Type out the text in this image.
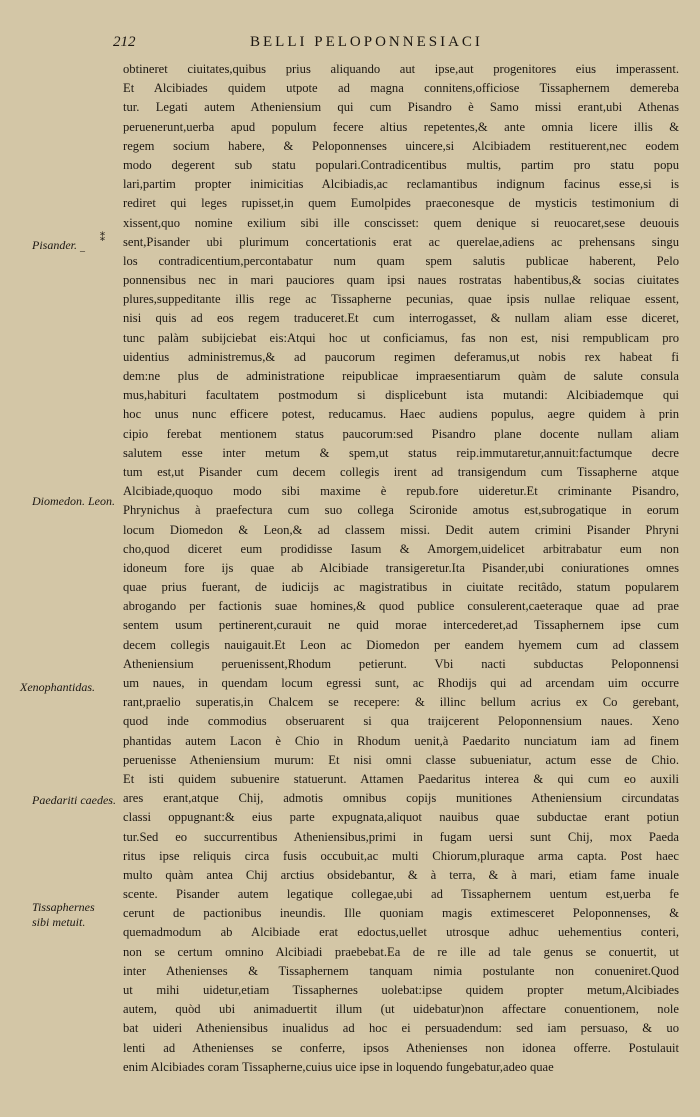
212	BELLI PELOPONNESIACI
⁑
–
Pisander.
Diomedon. Leon.
Xenophantidas.
Paedariti caedes.
Tissaphernes sibi metuit.
obtineret ciuitates,quibus prius aliquando aut ipse,aut progenitores eius imperassent.
Et Alcibiades quidem utpote ad magna connitens,officiose Tissaphernem demereba
tur. Legati autem Atheniensium qui cum Pisandro è Samo missi erant,ubi Athenas
peruenerunt,uerba apud populum fecere altius repetentes,& ante omnia licere illis &
regem socium habere, & Peloponnenses uincere,si Alcibiadem restituerent,nec eodem
modo degerent sub statu populari.Contradicentibus multis, partim pro statu popu
lari,partim propter inimicitias Alcibiadis,ac reclamantibus indignum facinus esse,si is
rediret qui leges rupisset,in quem Eumolpides praeconesque de mysticis testimonium di
xissent,quo nomine exilium sibi ille conscisset: quem denique si reuocaret,sese deuouis
sent,Pisander ubi plurimum concertationis erat ac querelae,adiens ac prehensans singu
los contradicentium,percontabatur num quam spem salutis publicae haberent, Pelo
ponnensibus nec in mari pauciores quam ipsi naues rostratas habentibus,& socias ciuitates
plures,suppeditante illis rege ac Tissapherne pecunias, quae ipsis nullae reliquae essent,
nisi quis ad eos regem traduceret.Et cum interrogasset, & nullam aliam esse diceret,
tunc palàm subijciebat eis:Atqui hoc ut conficiamus, fas non est, nisi rempublicam pro
uidentius administremus,& ad paucorum regimen deferamus,ut nobis rex habeat fi
dem:ne plus de administratione reipublicae impraesentiarum quàm de salute consula
mus,habituri facultatem postmodum si displicebunt ista mutandi: Alcibiademque qui
hoc unus nunc efficere potest, reducamus. Haec audiens populus, aegre quidem à prin
cipio ferebat mentionem status paucorum:sed Pisandro plane docente nullam aliam
salutem esse inter metum & spem,ut status reip.immutaretur,annuit:factumque decre
tum est,ut Pisander cum decem collegis irent ad transigendum cum Tissapherne atque
Alcibiade,quoquo modo sibi maxime è repub.fore uideretur.Et criminante Pisandro,
Phrynichus à praefectura cum suo collega Scironide amotus est,subrogatique in eorum
locum Diomedon & Leon,& ad classem missi. Dedit autem crimini Pisander Phryni
cho,quod diceret eum prodidisse Iasum & Amorgem,uidelicet arbitrabatur eum non
idoneum fore ijs quae ab Alcibiade transigeretur.Ita Pisander,ubi coniurationes omnes
quae prius fuerant, de iudicijs ac magistratibus in ciuitate recitâdo, statum popularem
abrogando per factionis suae homines,& quod publice consulerent,caeteraque quae ad prae
sentem usum pertinerent,curauit ne quid morae intercederet,ad Tissaphernem ipse cum
decem collegis nauigauit.Et Leon ac Diomedon per eandem hyemem cum ad classem
Atheniensium peruenissent,Rhodum petierunt. Vbi nacti subductas Peloponnensi
um naues, in quendam locum egressi sunt, ac Rhodijs qui ad arcendam uim occurre
rant,praelio superatis,in Chalcem se recepere: & illinc bellum acrius ex Co gerebant,
quod inde commodius obseruarent si qua traijcerent Peloponnensium naues. Xeno
phantidas autem Lacon è Chio in Rhodum uenit,à Paedarito nunciatum iam ad finem
peruenisse Atheniensium murum: Et nisi omni classe subueniatur, actum esse de Chio.
Et isti quidem subuenire statuerunt. Attamen Paedaritus interea & qui cum eo auxili
ares erant,atque Chij, admotis omnibus copijs munitiones Atheniensium circundatas
classi oppugnant:& eius parte expugnata,aliquot nauibus quae subductae erant potiun
tur.Sed eo succurrentibus Atheniensibus,primi in fugam uersi sunt Chij, mox Paeda
ritus ipse reliquis circa fusis occubuit,ac multi Chiorum,pluraque arma capta. Post haec
multo quàm antea Chij arctius obsidebantur, & à terra, & à mari, etiam fame inuale
scente. Pisander autem legatique collegae,ubi ad Tissaphernem uentum est,uerba fe
cerunt de pactionibus ineundis. Ille quoniam magis extimesceret Peloponnenses, &
quemadmodum ab Alcibiade erat edoctus,uellet utrosque adhuc uehementius conteri,
non se certum omnino Alcibiadi praebebat.Ea de re ille ad tale genus se conuertit, ut
inter Athenienses & Tissaphernem tanquam nimia postulante non conueniret.Quod
ut mihi uidetur,etiam Tissaphernes uolebat:ipse quidem propter metum,Alcibiades
autem, quòd ubi animaduertit illum (ut uidebatur)non affectare conuentionem, nole
bat uideri Atheniensibus inualidus ad hoc ei persuadendum: sed iam persuaso, & uo
lenti ad Athenienses se conferre, ipsos Athenienses non idonea offerre. Postulauit
enim Alcibiades coram Tissapherne,cuius uice ipse in loquendo fungebatur,adeo quae
